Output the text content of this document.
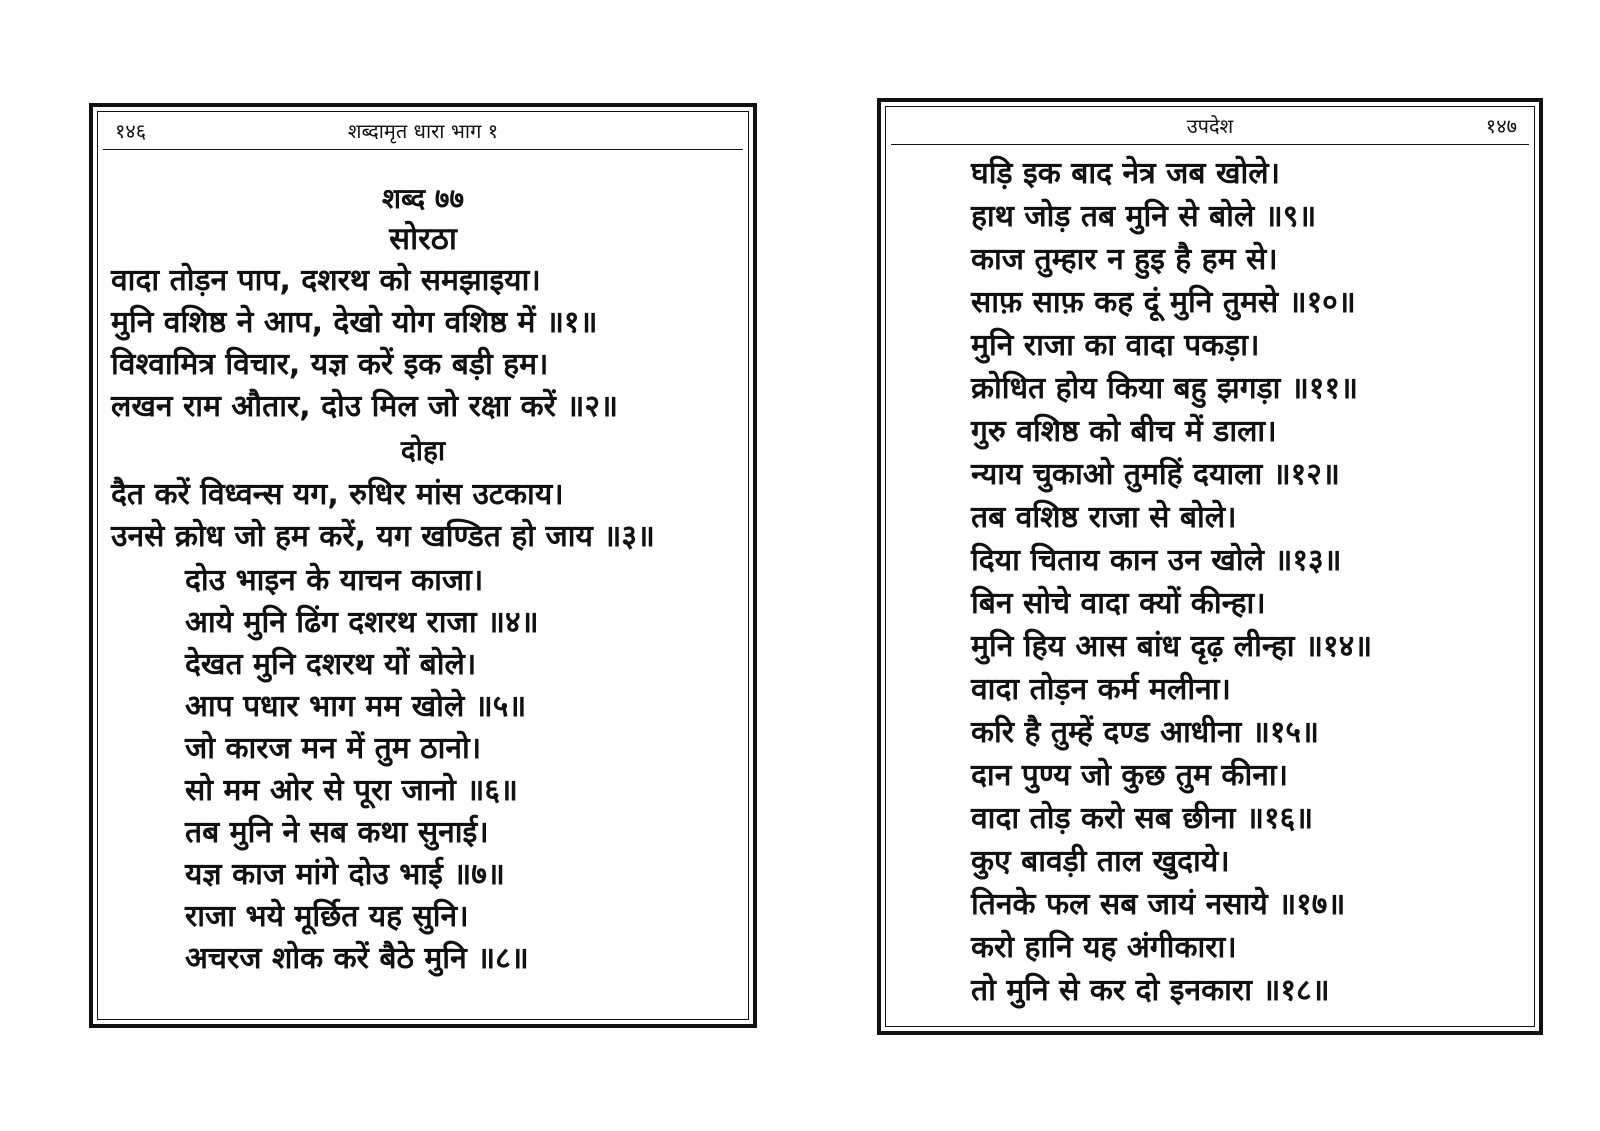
१४६	शब्दामृत धारा भाग १
शब्द ७७
सोरठा
वादा तोड़न पाप, दशरथ को समझाइया।
मुनि वशिष्ठ ने आप, देखो योग वशिष्ठ में ॥१॥
विश्वामित्र विचार, यज्ञ करें इक बड़ी हम।
लखन राम औतार, दोउ मिल जो रक्षा करें ॥२॥
दोहा
दैत करें विध्वन्स यग, रुधिर मांस उटकाय।
उनसे क्रोध जो हम करें, यग खण्डित हो जाय ॥३॥
दोउ भाइन के याचन काजा।
आये मुनि ढिंग दशरथ राजा ॥४॥
देखत मुनि दशरथ यों बोले।
आप पधार भाग मम खोले ॥५॥
जो कारज मन में तुम ठानो।
सो मम ओर से पूरा जानो ॥६॥
तब मुनि ने सब कथा सुनाई।
यज्ञ काज मांगे दोउ भाई ॥७॥
राजा भये मूर्छित यह सुनि।
अचरज शोक करें बैठे मुनि ॥८॥
उपदेश	१४७
घड़ि इक बाद नेत्र जब खोले।
हाथ जोड़ तब मुनि से बोले ॥९॥
काज तुम्हार न हुइ है हम से।
साफ़ साफ़ कह दूं मुनि तुमसे ॥१०॥
मुनि राजा का वादा पकड़ा।
क्रोधित होय किया बहु झगड़ा ॥११॥
गुरु वशिष्ठ को बीच में डाला।
न्याय चुकाओ तुमहिं दयाला ॥१२॥
तब वशिष्ठ राजा से बोले।
दिया चिताय कान उन खोले ॥१३॥
बिन सोचे वादा क्यों कीन्हा।
मुनि हिय आस बांध दृढ़ लीन्हा ॥१४॥
वादा तोड़न कर्म मलीना।
करि है तुम्हें दण्ड आधीना ॥१५॥
दान पुण्य जो कुछ तुम कीना।
वादा तोड़ करो सब छीना ॥१६॥
कुए बावड़ी ताल खुदाये।
तिनके फल सब जायं नसाये ॥१७॥
करो हानि यह अंगीकारा।
तो मुनि से कर दो इनकारा ॥१८॥
